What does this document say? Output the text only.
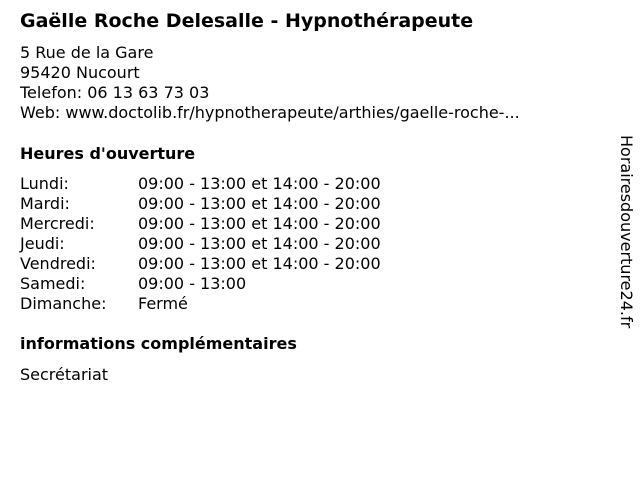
Gaëlle Roche Delesalle - Hypnothérapeute
5 Rue de la Gare
95420 Nucourt
Telefon: 06 13 63 73 03
Web: www.doctolib.fr/hypnotherapeute/arthies/gaelle-roche-...
Heures d'ouverture
Lundi:	09:00 - 13:00 et 14:00 - 20:00
Mardi:	09:00 - 13:00 et 14:00 - 20:00
Mercredi:	09:00 - 13:00 et 14:00 - 20:00
Jeudi:	09:00 - 13:00 et 14:00 - 20:00
Vendredi:	09:00 - 13:00 et 14:00 - 20:00
Samedi:	09:00 - 13:00
Dimanche: Fermé
informations complémentaires
Secrétariat
Horairesdouverture24.fr
